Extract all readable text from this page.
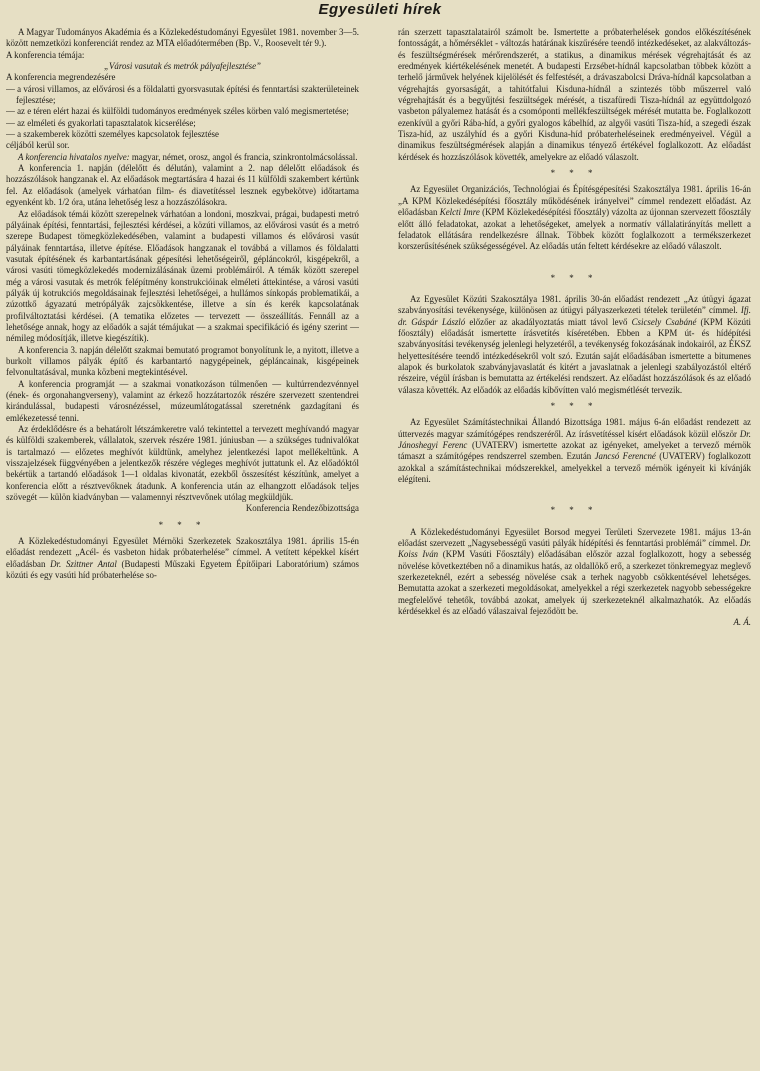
Egyesületi hírek

A Magyar Tudományos Akadémia és a Közlekedéstudományi Egyesület 1981. november 3—5. között nemzetközi konferenciát rendez az MTA előadótermében (Bp. V., Roosevelt tér 9.).

A konferencia témája:

„Városi vasutak és metrók pályafejlesztése”

A konferencia megrendezésére

— a városi villamos, az elővárosi és a földalatti gyorsvasutak építési és fenntartási szakterületeinek fejlesztése;
— az e téren elért hazai és külföldi tudományos eredmények széles körben való megismertetése;
— az elméleti és gyakorlati tapasztalatok kicserélése;
— a szakemberek közötti személyes kapcsolatok fejlesztése

céljából kerül sor.

A konferencia hivatalos nyelve: magyar, német, orosz, angol és francia, szinkrontolmácsolással.

A konferencia 1. napján (délelőtt és délután), valamint a 2. nap délelőtt előadások és hozzászólások hangzanak el. Az előadások megtartására 4 hazai és 11 külföldi szakembert kértünk fel. Az előadások (amelyek várhatóan film- és diavetítéssel lesznek egybekötve) időtartama egyenként kb. 1/2 óra, utána lehetőség lesz a hozzászólásokra.

Az előadások témái között szerepelnek várhatóan a londoni, moszkvai, prágai, budapesti metró pályáinak építési, fenntartási, fejlesztési kérdései, a közúti villamos, az elővárosi vasút és a metró szerepe Budapest tömegközlekedésében, valamint a budapesti villamos és elővárosi vasút pályáinak fenntartása, illetve építése. Előadások hangzanak el továbbá a villamos és földalatti vasutak építésének és karbantartásának gépesítési lehetőségeiről, gépláncokról, kisgépekről, a városi vasúti tömegközlekedés modernizálásának üzemi problémáiról. A témák között szerepel még a városi vasutak és metrók felépítmény konstrukcióinak elméleti áttekintése, a városi vasúti pályák új kotrukciós megoldásainak fejlesztési lehetőségei, a hullámos sínkopás problematikái, a zúzottkő ágyazatú metrópályák zajcsökkentése, illetve a sín és kerék kapcsolatának profilváltoztatási kérdései. (A tematika előzetes — tervezett — összeállítás. Fennáll az a lehetősége annak, hogy az előadók a saját témájukat — a szakmai specifikáció és igény szerint — némileg módosítják, illetve kiegészítik).

A konferencia 3. napján délelőtt szakmai bemutató programot bonyolítunk le, a nyitott, illetve a burkolt villamos pályák építő és karbantartó nagygépeinek, gépláncainak, kisgépeinek felvonultatásával, munka közbeni megtekintésével.

A konferencia programját — a szakmai vonatkozáson túlmenően — kultúrrendezvénnyel (ének- és orgonahangverseny), valamint az érkező hozzátartozók részére szervezett szentendrei kirándulással, budapesti városnézéssel, múzeumlátogatással szeretnénk gazdagítani és emlékezetessé tenni.

Az érdeklődésre és a behatárolt létszámkeretre való tekintettel a tervezett meghívandó magyar és külföldi szakemberek, vállalatok, szervek részére 1981. júniusban — a szükséges tudnivalókat is tartalmazó — előzetes meghívót küldtünk, amelyhez jelentkezési lapot mellékeltünk. A visszajelzések függvényében a jelentkezők részére végleges meghívót juttatunk el. Az előadóktól bekértük a tartandó előadások 1—1 oldalas kivonatát, ezekből összesítést készítünk, amelyet a konferencia előtt a résztvevőknek átadunk. A konferencia után az elhangzott előadások teljes szövegét — külön kiadványban — valamennyi résztvevőnek utólag megküldjük.

Konferencia Rendezőbizottsága

* * *

A Közlekedéstudományi Egyesület Mérnöki Szerkezetek Szakosztálya 1981. április 15-én előadást rendezett „Acél- és vasbeton hidak próbaterhelése” címmel. A vetített képekkel kísért előadásban Dr. Szittner Antal (Budapesti Műszaki Egyetem Építőipari Laboratórium) számos közúti és egy vasúti híd próbaterhelése so-

rán szerzett tapasztalatairól számolt be. Ismertette a próbaterhelések gondos előkészítésének fontosságát, a hőmérséklet - változás határának kiszűrésére teendő intézkedéseket, az alakváltozás- és feszültségmérések mérőrendszerét, a statikus, a dinamikus mérések végrehajtását és az eredmények kiértékelésének menetét. A budapesti Erzsébet-hídnál kapcsolatban többek között a terhelő járművek helyének kijelölését és felfestését, a drávaszabolcsi Dráva-hídnál kapcsolatban a végrehajtás gyorsaságát, a tahitótfalui Kisduna-hídnál a szintezés több műszerrel való végrehajtását és a begyűjtési feszültségek mérését, a tiszafüredi Tisza-hídnál az együttdolgozó vasbeton pályalemez hatását és a csomóponti mellékfeszültségek mérését mutatta be. Foglalkozott ezenkívül a győri Rába-híd, a győri gyalogos kábelhíd, az algyői vasúti Tisza-híd, a szegedi észak Tisza-híd, az uszályhíd és a győri Kisduna-híd próbaterheléseinek eredményeivel. Végül a dinamikus feszültségmérések alapján a dinamikus tényező értékével foglalkozott. Az előadást kérdések és hozzászólások követték, amelyekre az előadó válaszolt.

* * *

Az Egyesület Organizációs, Technológiai és Építésgépesítési Szakosztálya 1981. április 16-án „A KPM Közlekedésépítési főosztály működésének irányelvei” címmel rendezett előadást. Az előadásban Kelcti Imre (KPM Közlekedésépítési főosztály) vázolta az újonnan szervezett főosztály előtt álló feladatokat, azokat a lehetőségeket, amelyek a normatív vállalatirányítás mellett a feladatok ellátására rendelkezésre állnak. Többek között foglalkozott a termékszerkezet korszerűsítésének szükségességével. Az előadás után feltett kérdésekre az előadó válaszolt.

* * *

Az Egyesület Közúti Szakosztálya 1981. április 30-án előadást rendezett „Az útügyi ágazat szabványosítási tevékenysége, különösen az útügyi pályaszerkezeti tételek területén” címmel. Ifj. dr. Gáspár László előzőer az akadályoztatás miatt távol levő Csicsely Csabáné (KPM Közúti főosztály) előadását ismertette írásvetítés kíséretében. Ebben a KPM út- és hídépítési szabványosítási tevékenység jelenlegi helyzetéről, a tevékenység fokozásának indokairól, az ÉKSZ helyettesítésére teendő intézkedésekről volt szó. Ezután saját előadásában ismertette a bitumenes alapok és burkolatok szabványjavaslatát és kitért a javaslatnak a jelenlegi szabályozástól eltérő részeire, végül írásban is bemutatta az értékelési rendszert. Az előadást hozzászólások és az előadó válasza követték. Az előadók az előadás kibővítten való megismétlését tervezik.

* * *

Az Egyesület Számítástechnikai Állandó Bizottsága 1981. május 6-án előadást rendezett az úttervezés magyar számítógépes rendszeréről. Az írásvetítéssel kísért előadások közül először Dr. Jánoshegyi Ferenc (UVATERV) ismertette azokat az igényeket, amelyeket a tervező mérnök támaszt a számítógépes rendszerrel szemben. Ezután Jancsó Ferencné (UVATERV) foglalkozott azokkal a számítástechnikai módszerekkel, amelyekkel a tervező mérnök igényeit ki kívánják elégíteni.

* * *

A Közlekedéstudományi Egyesület Borsod megyei Területi Szervezete 1981. május 13-án előadást szervezett „Nagysebességű vasúti pályák hídépítési és fenntartási problémái” címmel. Dr. Koiss Iván (KPM Vasúti Főosztály) előadásában először azzal foglalkozott, hogy a sebesség növelése következtében nő a dinamikus hatás, az oldallökő erő, a szerkezet tönkremegyaz meglevő szerkezeteknél, ezért a sebesség növelése csak a terhek nagyobb csökkentésével lehetséges. Bemutatta azokat a szerkezeti megoldásokat, amelyekkel a régi szerkezetek nagyobb sebességekre megfelelővé tehetők, továbbá azokat, amelyek új szerkezeteknél alkalmazhatók. Az előadás kérdésekkel és az előadó válaszaival fejeződött be.

A. Á.
